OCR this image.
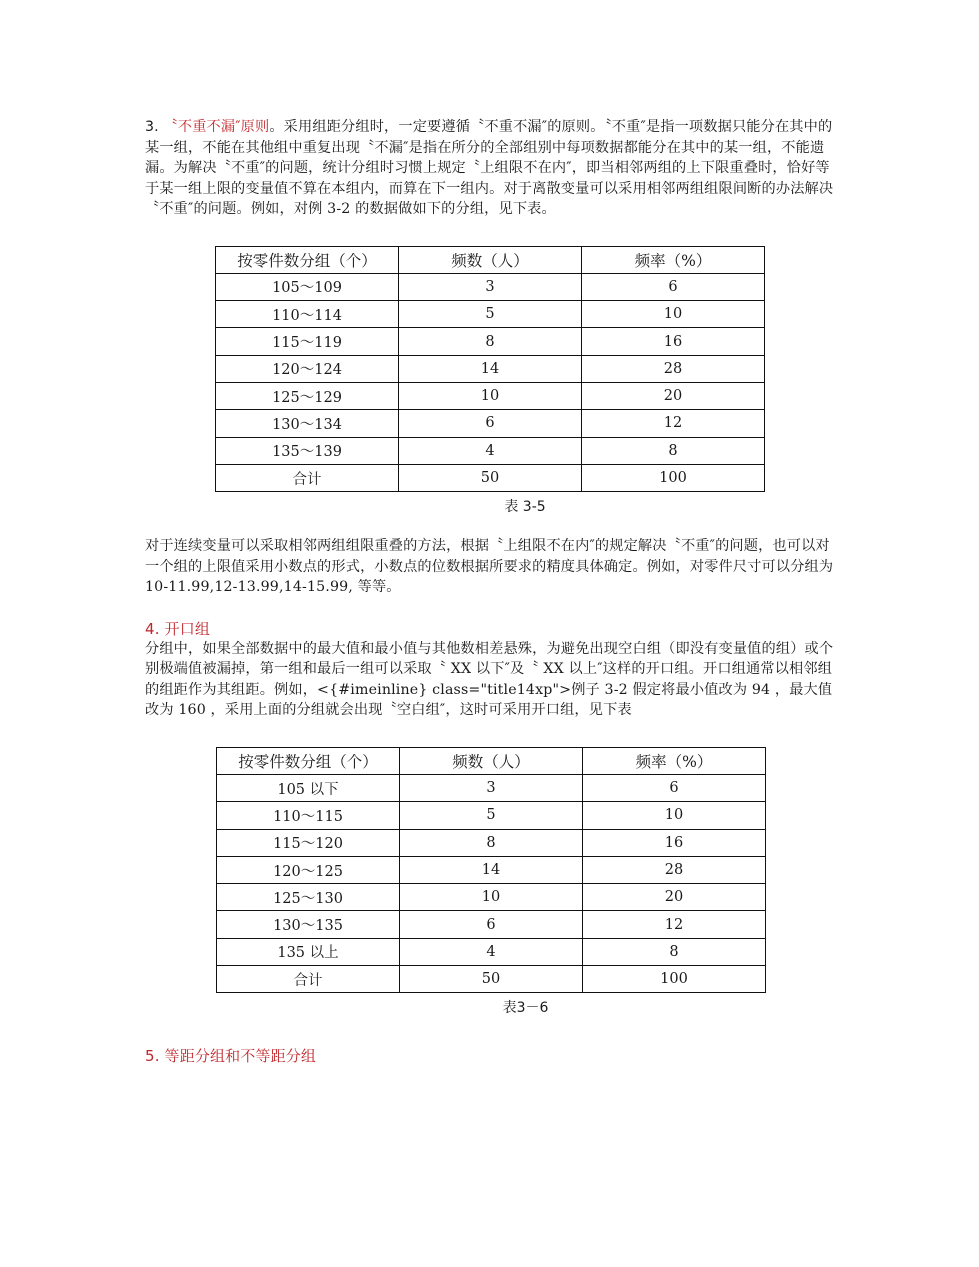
3. 〝不重不漏″原则。采用组距分组时，一定要遵循〝不重不漏″的原则。〝不重″是指一项数据只能分在其中的某一组，不能在其他组中重复出现〝不漏″是指在所分的全部组别中每项数据都能分在其中的某一组，不能遗漏。为解决〝不重″的问题，统计分组时习惯上规定〝上组限不在内″，即当相邻两组的上下限重叠时，恰好等于某一组上限的变量值不算在本组内，而算在下一组内。对于离散变量可以采用相邻两组组限间断的办法解决〝不重″的问题。例如，对例 3-2 的数据做如下的分组，见下表。

按零件数分组（个）	频数（人）	频率（%）
105～109	3	6
110～114	5	10
115～119	8	16
120～124	14	28
125～129	10	20
130～134	6	12
135～139	4	8
合计	50	100
表 3-5

对于连续变量可以采取相邻两组组限重叠的方法，根据〝上组限不在内″的规定解决〝不重″的问题，也可以对一个组的上限值采用小数点的形式，小数点的位数根据所要求的精度具体确定。例如，对零件尺寸可以分组为 10-11.99,12-13.99,14-15.99, 等等。

4. 开口组

分组中，如果全部数据中的最大值和最小值与其他数相差悬殊，为避免出现空白组（即没有变量值的组）或个别极端值被漏掉，第一组和最后一组可以采取〝 XX 以下″及〝 XX 以上″这样的开口组。开口组通常以相邻组的组距作为其组距。例如，<{#imeinline} class="title14xp">例子 3-2 假定将最小值改为 94 ，最大值改为 160 ，采用上面的分组就会出现〝空白组″，这时可采用开口组，见下表

按零件数分组（个）	频数（人）	频率（%）
105 以下	3	6
110～115	5	10
115～120	8	16
120～125	14	28
125～130	10	20
130～135	6	12
135 以上	4	8
合计	50	100
表3－6

5. 等距分组和不等距分组
